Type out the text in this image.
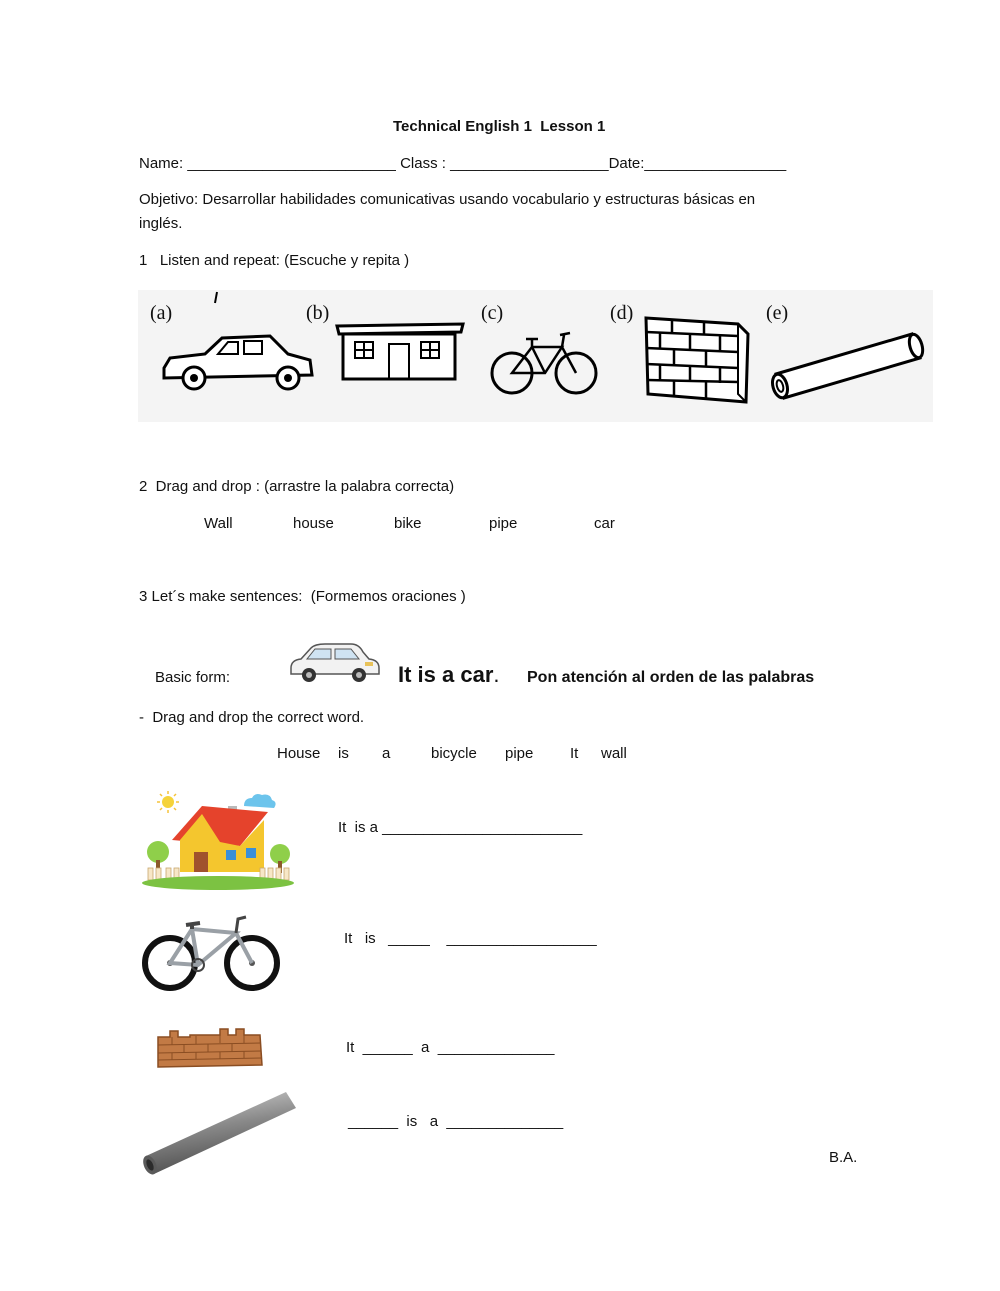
Technical English 1  Lesson 1
Name: _________________________ Class : ___________________Date:_________________
Objetivo: Desarrollar habilidades comunicativas usando vocabulario y estructuras básicas en
inglés.
1   Listen and repeat: (Escuche y repita )
(a)	(b)	(c)	(d)	(e)
2  Drag and drop : (arrastre la palabra correcta)
Wall	house	bike	pipe	car
3 Let´s make sentences:  (Formemos oraciones )
Basic form:	It is a car. Pon atención al orden de las palabras
-  Drag and drop the correct word.
House is a	bicycle pipe It wall
It  is a ________________________
It   is   _____    __________________
It  ______  a  ______________
______  is   a  ______________
B.A.
